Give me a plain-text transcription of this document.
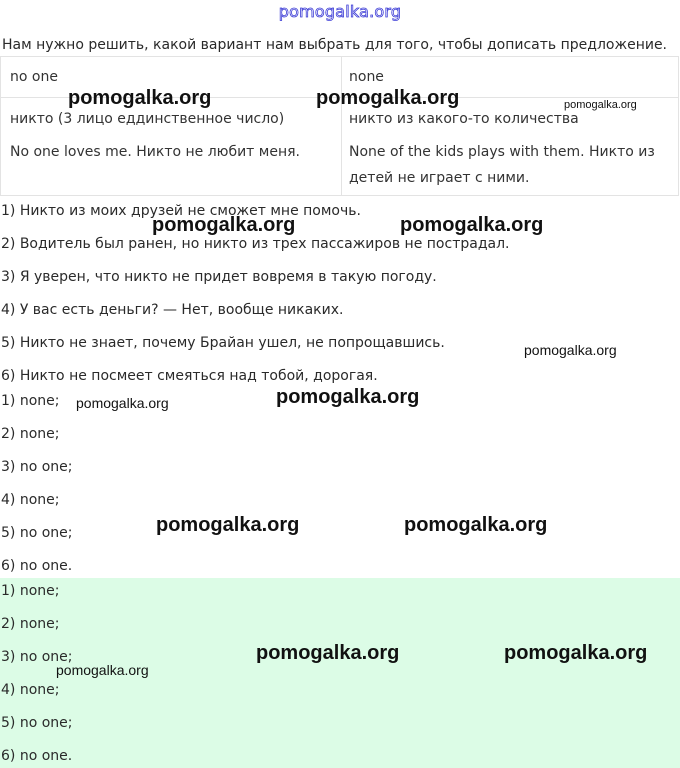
pomogalka.org
Нам нужно решить, какой вариант нам выбрать для того, чтобы дописать предложение.
no one	none
никто (3 лицо еддинственное число)	никто из какого-то количества
No one loves me. Никто не любит меня.	None of the kids plays with them. Никто из
детей не играет с ними.
1) Никто из моих друзей не сможет мне помочь.
2) Водитель был ранен, но никто из трех пассажиров не пострадал.
3) Я уверен, что никто не придет вовремя в такую погоду.
4) У вас есть деньги? — Нет, вообще никаких.
5) Никто не знает, почему Брайан ушел, не попрощавшись.
6) Никто не посмеет смеяться над тобой, дорогая.
1) none;
2) none;
3) no one;
4) none;
5) no one;
6) no one.
1) none;
2) none;
3) no one;
4) none;
5) no one;
6) no one.
pomogalka.org	pomogalka.org	pomogalka.org
pomogalka.org	pomogalka.org
pomogalka.org
pomogalka.org	pomogalka.org
pomogalka.org	pomogalka.org
pomogalka.org
pomogalka.org	pomogalka.org
